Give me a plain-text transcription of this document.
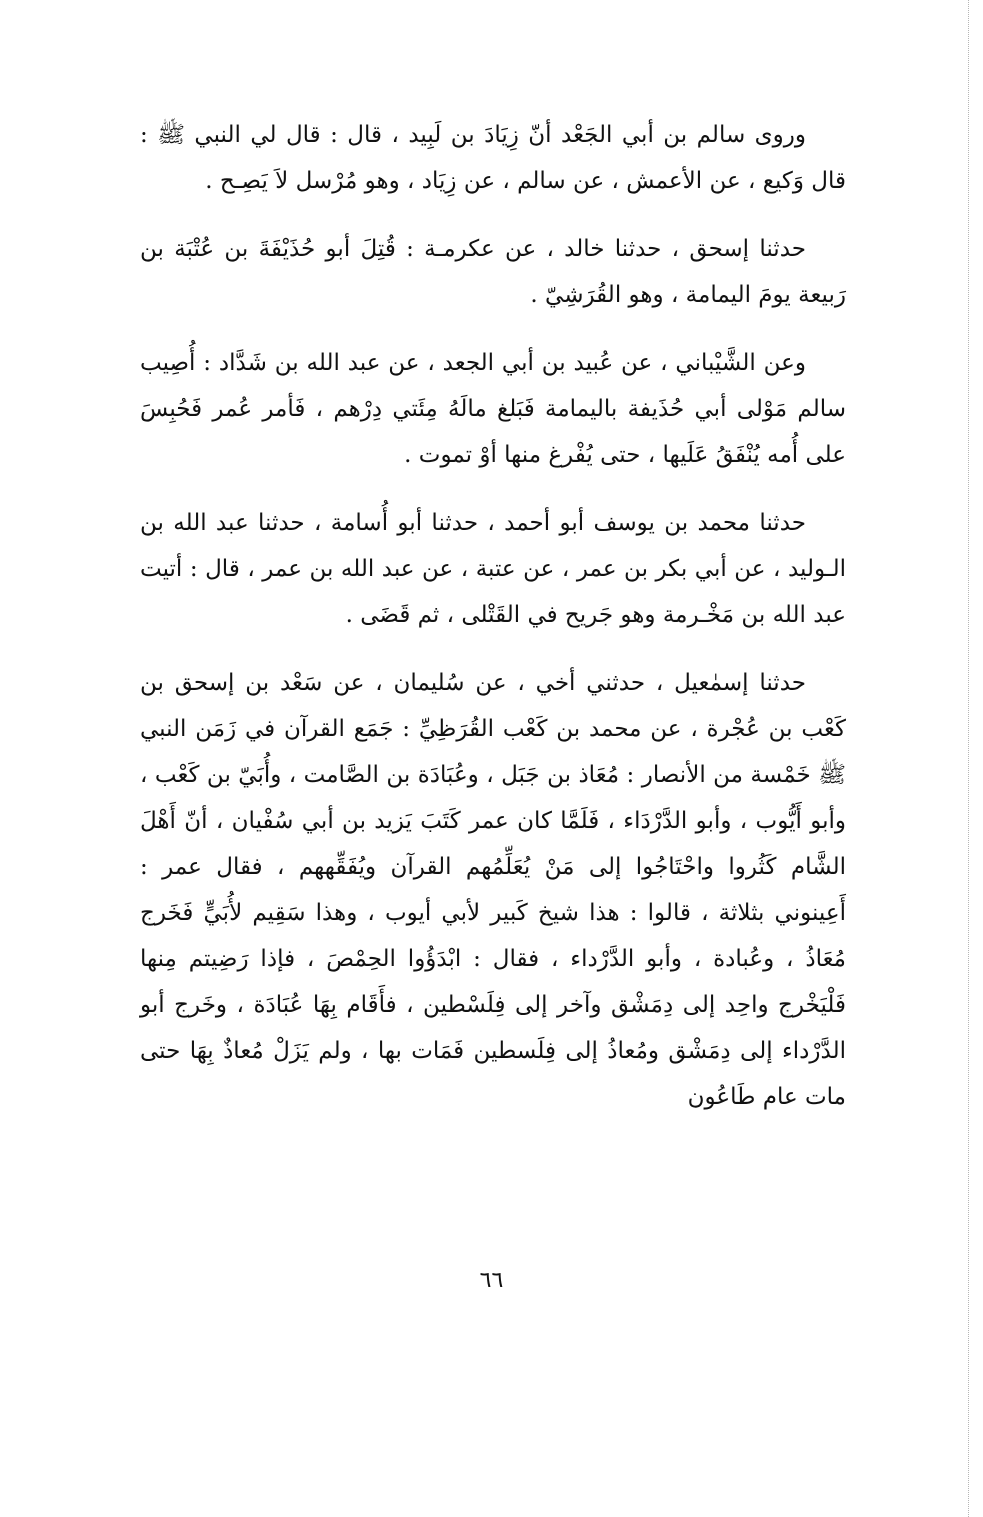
وروى سالم بن أبي الجَعْد أنّ زِيَادَ بن لَبِيد ، قال : قال لي النبي ﷺ : قال وَكيع ، عن الأعمش ، عن سالم ، عن زِيَاد ، وهو مُرْسل لاَ يَصِـح .

حدثنا إسحق ، حدثنا خالد ، عن عكرمـة : قُتِلَ أبو حُذَيْفَةَ بن عُتْبَة بن رَبيعة يومَ اليمامة ، وهو القُرَشِيّ .

وعن الشَّيْباني ، عن عُبيد بن أبي الجعد ، عن عبد الله بن شَدَّاد : أُصِيب سالم مَوْلى أبي حُذَيفة باليمامة فَبَلغ مالَهُ مِئَتي دِرْهم ، فَأمر عُمر فَحُبِسَ على أُمه يُنْفَقُ عَلَيها ، حتى يُفْرغ منها أوْ تموت .

حدثنا محمد بن يوسف أبو أحمد ، حدثنا أبو أُسامة ، حدثنا عبد الله بن الـوليد ، عن أبي بكر بن عمر ، عن عتبة ، عن عبد الله بن عمر ، قال : أتيت عبد الله بن مَخْـرمة وهو جَريح في القَتْلى ، ثم قَضَى .

حدثنا إسمٰعيل ، حدثني أخي ، عن سُليمان ، عن سَعْد بن إسحق بن كَعْب بن عُجْرة ، عن محمد بن كَعْب القُرَظِيِّ : جَمَع القرآن في زَمَن النبي ﷺ خَمْسة من الأنصار : مُعَاذ بن جَبَل ، وعُبَادَة بن الصَّامت ، وأُبَيّ بن كَعْب ، وأبو أَيُّوب ، وأبو الدَّرْدَاء ، فَلَمَّا كان عمر كَتَبَ يَزيد بن أبي سُفْيان ، أنّ أَهْلَ الشَّام كَثُروا واحْتَاجُوا إلى مَنْ يُعَلِّمُهم القرآن ويُفَقِّههم ، فقال عمر : أَعِينوني بثلاثة ، قالوا : هذا شيخ كَبير لأبي أيوب ، وهذا سَقِيم لأُبَيٍّ فَخَرج مُعَاذُ ، وعُبادة ، وأبو الدَّرْداء ، فقال : ابْدَؤُوا الحِمْصَ ، فإذا رَضِيتم مِنها فَلْيَخْرج واحِد إلى دِمَشْق وآخر إلى فِلَسْطين ، فأَقَام بِهَا عُبَادَة ، وخَرج أبو الدَّرْداء إلى دِمَشْق ومُعاذُ إلى فِلَسطين فَمَات بها ، ولم يَزَلْ مُعاذٌ بِهَا حتى مات عام طَاعُون

٦٦
